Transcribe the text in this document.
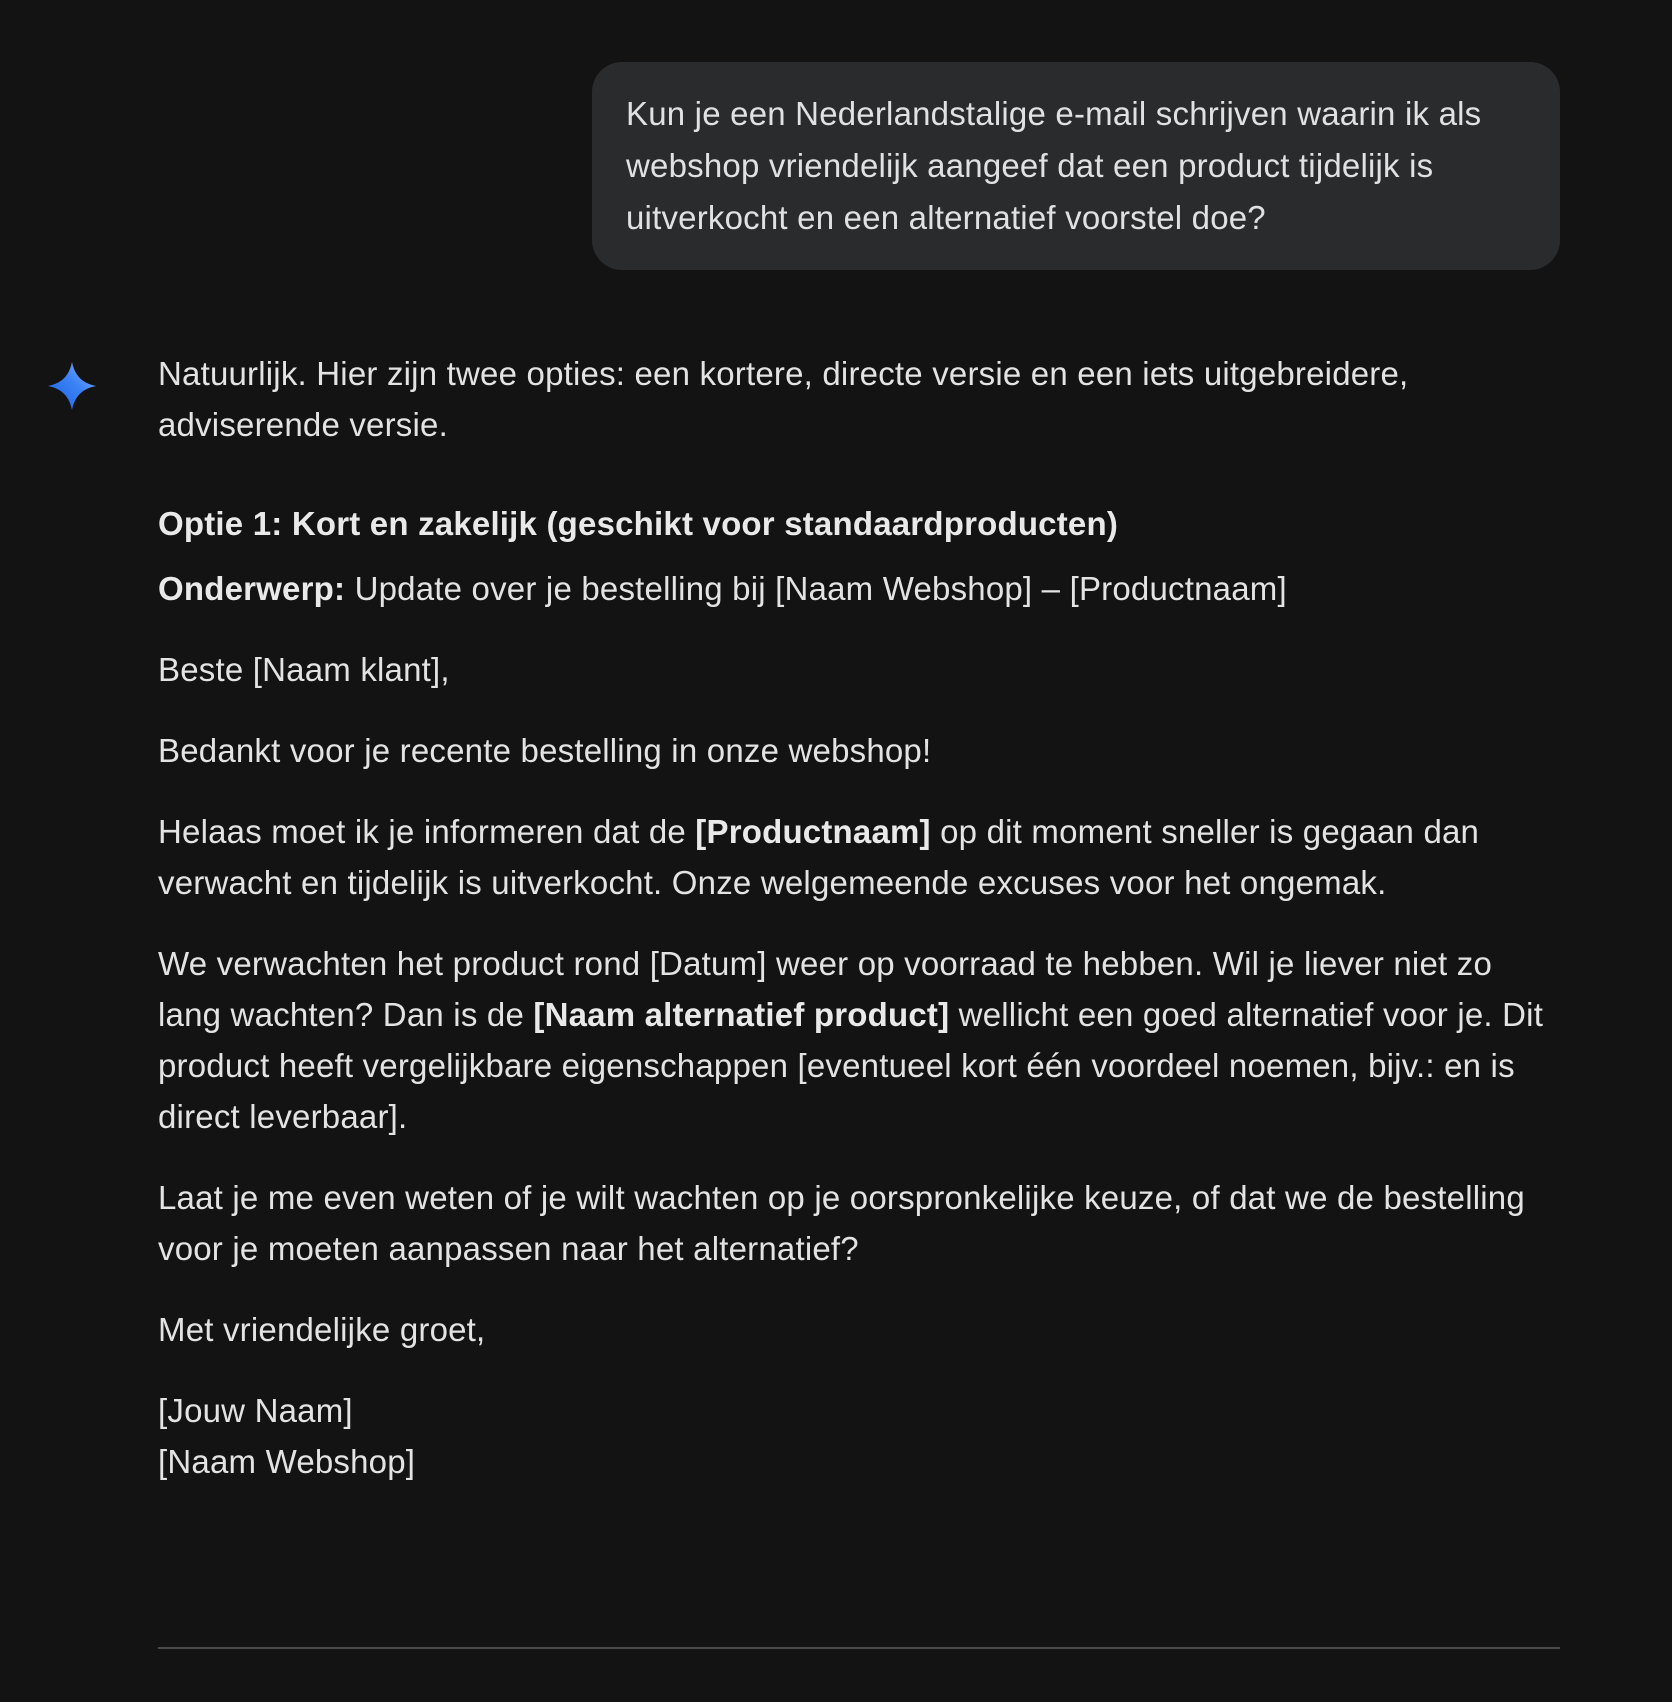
Kun je een Nederlandstalige e-mail schrijven waarin ik als webshop vriendelijk aangeef dat een product tijdelijk is uitverkocht en een alternatief voorstel doe?

Natuurlijk. Hier zijn twee opties: een kortere, directe versie en een iets uitgebreidere, adviserende versie.

Optie 1: Kort en zakelijk (geschikt voor standaardproducten)

Onderwerp: Update over je bestelling bij [Naam Webshop] – [Productnaam]

Beste [Naam klant],

Bedankt voor je recente bestelling in onze webshop!

Helaas moet ik je informeren dat de [Productnaam] op dit moment sneller is gegaan dan verwacht en tijdelijk is uitverkocht. Onze welgemeende excuses voor het ongemak.

We verwachten het product rond [Datum] weer op voorraad te hebben. Wil je liever niet zo lang wachten? Dan is de [Naam alternatief product] wellicht een goed alternatief voor je. Dit product heeft vergelijkbare eigenschappen [eventueel kort één voordeel noemen, bijv.: en is direct leverbaar].

Laat je me even weten of je wilt wachten op je oorspronkelijke keuze, of dat we de bestelling voor je moeten aanpassen naar het alternatief?

Met vriendelijke groet,

[Jouw Naam]
[Naam Webshop]
